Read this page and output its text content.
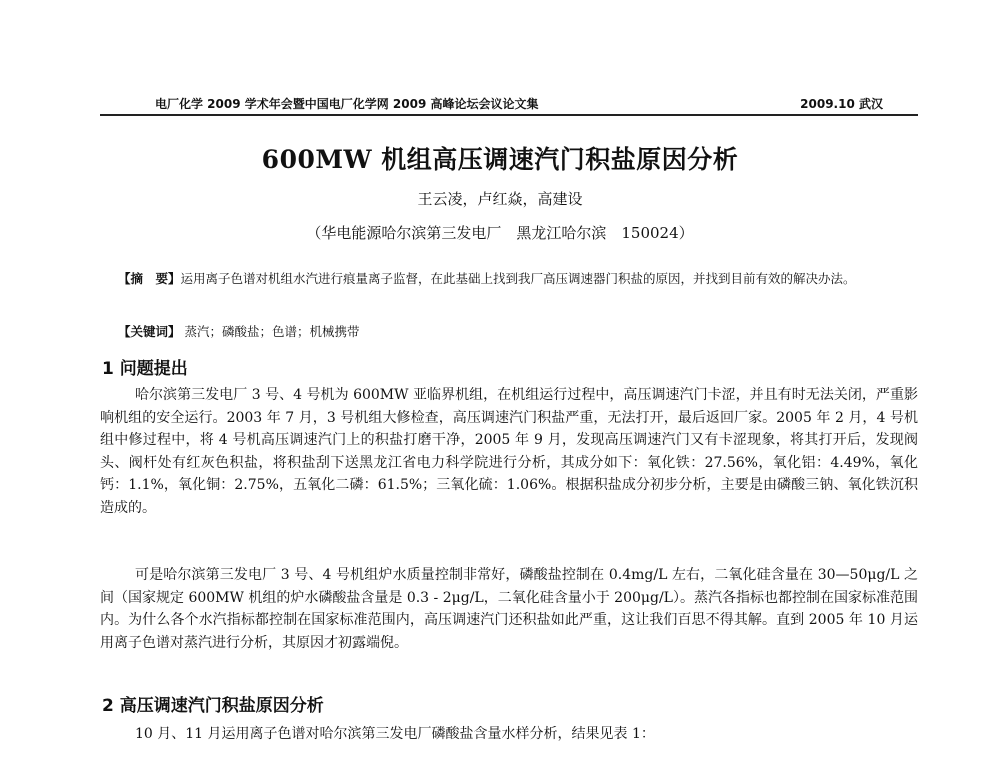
电厂化学 2009 学术年会暨中国电厂化学网 2009 高峰论坛会议论文集	2009.10 武汉
600MW 机组高压调速汽门积盐原因分析
王云凌，卢红焱，高建设
（华电能源哈尔滨第三发电厂　黑龙江哈尔滨　150024）
【摘　要】运用离子色谱对机组水汽进行痕量离子监督，在此基础上找到我厂高压调速器门积盐的原因，并找到目前有效的解决办法。
【关键词】 蒸汽；磷酸盐；色谱；机械携带
1 问题提出

哈尔滨第三发电厂 3 号、4 号机为 600MW 亚临界机组，在机组运行过程中，高压调速汽门卡涩，并且有时无法关闭，严重影响机组的安全运行。2003 年 7 月，3 号机组大修检查，高压调速汽门积盐严重，无法打开，最后返回厂家。2005 年 2 月，4 号机组中修过程中，将 4 号机高压调速汽门上的积盐打磨干净，2005 年 9 月，发现高压调速汽门又有卡涩现象，将其打开后，发现阀头、阀杆处有红灰色积盐，将积盐刮下送黑龙江省电力科学院进行分析，其成分如下：氧化铁：27.56%，氧化铝：4.49%，氧化钙：1.1%，氧化铜：2.75%，五氧化二磷：61.5%；三氧化硫：1.06%。根据积盐成分初步分析，主要是由磷酸三钠、氧化铁沉积造成的。

可是哈尔滨第三发电厂 3 号、4 号机组炉水质量控制非常好，磷酸盐控制在 0.4mg/L 左右，二氧化硅含量在 30—50μg/L 之间（国家规定 600MW 机组的炉水磷酸盐含量是 0.3 - 2μg/L，二氧化硅含量小于 200μg/L）。蒸汽各指标也都控制在国家标准范围内。为什么各个水汽指标都控制在国家标准范围内，高压调速汽门还积盐如此严重，这让我们百思不得其解。直到 2005 年 10 月运用离子色谱对蒸汽进行分析，其原因才初露端倪。

2 高压调速汽门积盐原因分析

10 月、11 月运用离子色谱对哈尔滨第三发电厂磷酸盐含量水样分析，结果见表 1：
